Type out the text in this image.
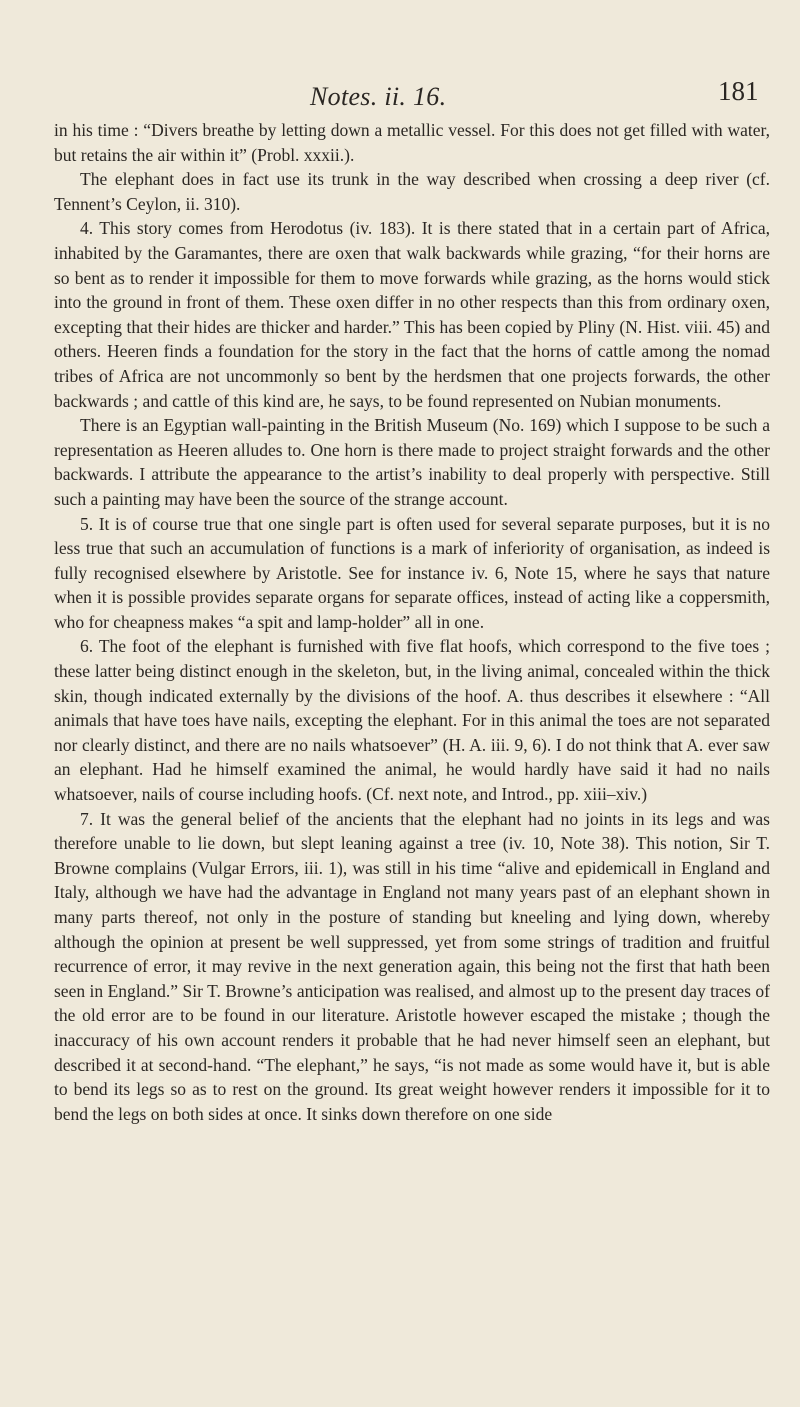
Notes. ii. 16.	181

in his time : “Divers breathe by letting down a metallic vessel. For this does not get filled with water, but retains the air within it” (Probl. xxxii.).

The elephant does in fact use its trunk in the way described when crossing a deep river (cf. Tennent’s Ceylon, ii. 310).

4. This story comes from Herodotus (iv. 183). It is there stated that in a certain part of Africa, inhabited by the Garamantes, there are oxen that walk backwards while grazing, “for their horns are so bent as to render it impossible for them to move forwards while grazing, as the horns would stick into the ground in front of them. These oxen differ in no other respects than this from ordinary oxen, excepting that their hides are thicker and harder.” This has been copied by Pliny (N. Hist. viii. 45) and others. Heeren finds a foundation for the story in the fact that the horns of cattle among the nomad tribes of Africa are not uncommonly so bent by the herdsmen that one projects forwards, the other backwards ; and cattle of this kind are, he says, to be found represented on Nubian monuments.

There is an Egyptian wall-painting in the British Museum (No. 169) which I suppose to be such a representation as Heeren alludes to. One horn is there made to project straight forwards and the other backwards. I attribute the appearance to the artist’s inability to deal properly with perspective. Still such a painting may have been the source of the strange account.

5. It is of course true that one single part is often used for several separate purposes, but it is no less true that such an accumulation of functions is a mark of inferiority of organisation, as indeed is fully recognised elsewhere by Aristotle. See for instance iv. 6, Note 15, where he says that nature when it is possible provides separate organs for separate offices, instead of acting like a coppersmith, who for cheapness makes “a spit and lamp-holder” all in one.

6. The foot of the elephant is furnished with five flat hoofs, which correspond to the five toes ; these latter being distinct enough in the skeleton, but, in the living animal, concealed within the thick skin, though indicated externally by the divisions of the hoof. A. thus describes it elsewhere : “All animals that have toes have nails, excepting the elephant. For in this animal the toes are not separated nor clearly distinct, and there are no nails whatsoever” (H. A. iii. 9, 6). I do not think that A. ever saw an elephant. Had he himself examined the animal, he would hardly have said it had no nails whatsoever, nails of course including hoofs. (Cf. next note, and Introd., pp. xiii–xiv.)

7. It was the general belief of the ancients that the elephant had no joints in its legs and was therefore unable to lie down, but slept leaning against a tree (iv. 10, Note 38). This notion, Sir T. Browne complains (Vulgar Errors, iii. 1), was still in his time “alive and epidemicall in England and Italy, although we have had the advantage in England not many years past of an elephant shown in many parts thereof, not only in the posture of standing but kneeling and lying down, whereby although the opinion at present be well suppressed, yet from some strings of tradition and fruitful recurrence of error, it may revive in the next generation again, this being not the first that hath been seen in England.” Sir T. Browne’s anticipation was realised, and almost up to the present day traces of the old error are to be found in our literature. Aristotle however escaped the mistake ; though the inaccuracy of his own account renders it probable that he had never himself seen an elephant, but described it at second-hand. “The elephant,” he says, “is not made as some would have it, but is able to bend its legs so as to rest on the ground. Its great weight however renders it impossible for it to bend the legs on both sides at once. It sinks down therefore on one side
